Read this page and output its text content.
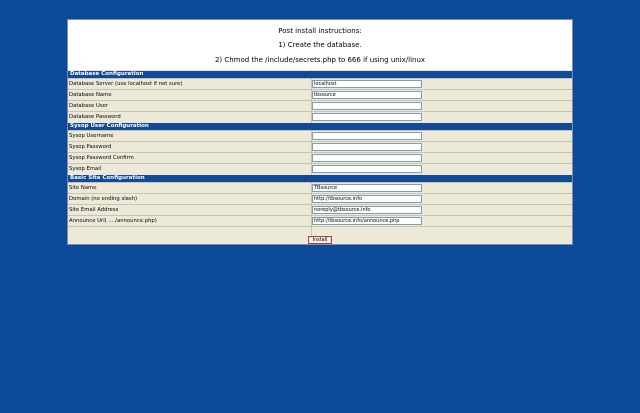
Post install instructions:
1) Create the database.
2) Chmod the /include/secrets.php to 666 if using unix/linux
Database Configuration
Database Server (use localhost if not sure)	localhost
Database Name	tbsource
Database User
Database Password
Sysop User Configuration
Sysop Username
Sysop Password
Sysop Password Confirm
Sysop Email
Basic Site Configuration
Site Name	TBsource
Domain (no ending slash)	http://tbsource.info
Site Email Address	noreply@tbsource.info
Announce Url( ..../announce.php)	http://tbsource.info/announce.php
Install
